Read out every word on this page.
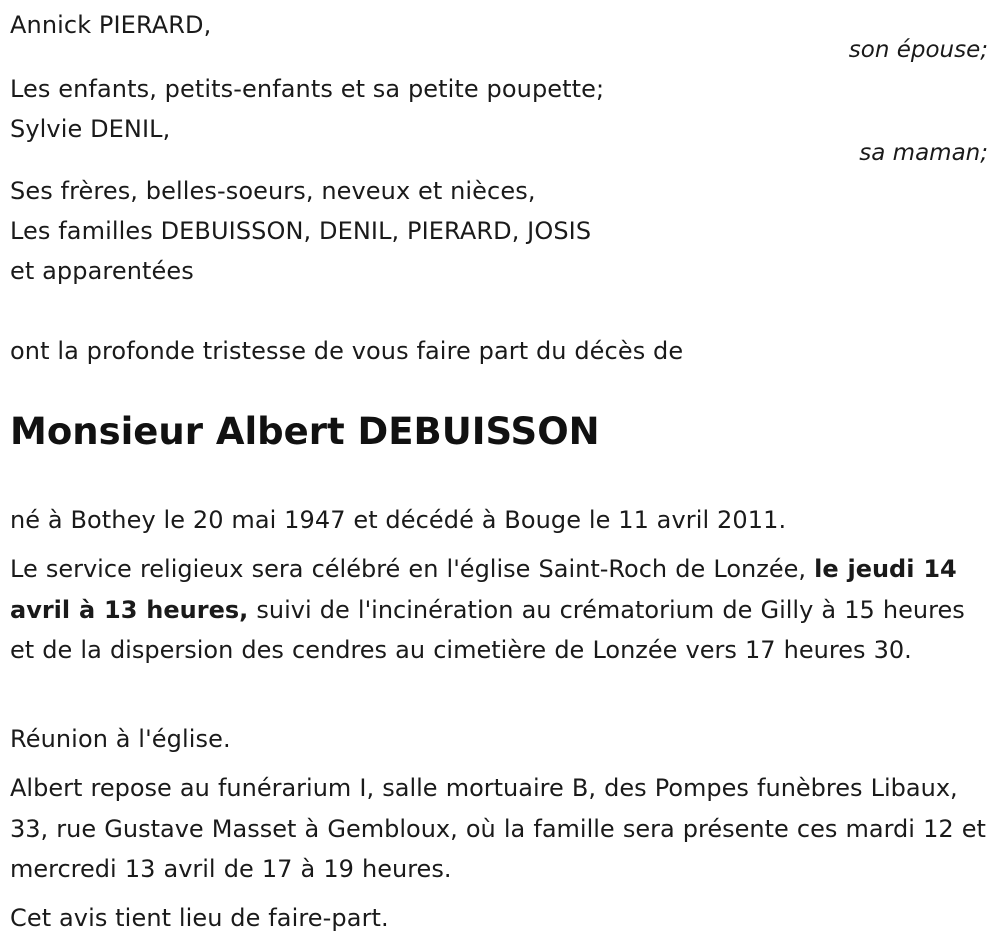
Annick PIERARD,
son épouse;
Les enfants, petits-enfants et sa petite poupette;
Sylvie DENIL,
sa maman;
Ses frères, belles-soeurs, neveux et nièces,
Les familles DEBUISSON, DENIL, PIERARD, JOSIS
et apparentées
ont la profonde tristesse de vous faire part du décès de
Monsieur Albert DEBUISSON
né à Bothey le 20 mai 1947 et décédé à Bouge le 11 avril 2011.
Le service religieux sera célébré en l'église Saint-Roch de Lonzée, le jeudi 14 avril à 13 heures, suivi de l'incinération au crématorium de Gilly à 15 heures et de la dispersion des cendres au cimetière de Lonzée vers 17 heures 30.
Réunion à l'église.
Albert repose au funérarium I, salle mortuaire B, des Pompes funèbres Libaux, 33, rue Gustave Masset à Gembloux, où la famille sera présente ces mardi 12 et mercredi 13 avril de 17 à 19 heures.
Cet avis tient lieu de faire-part.
